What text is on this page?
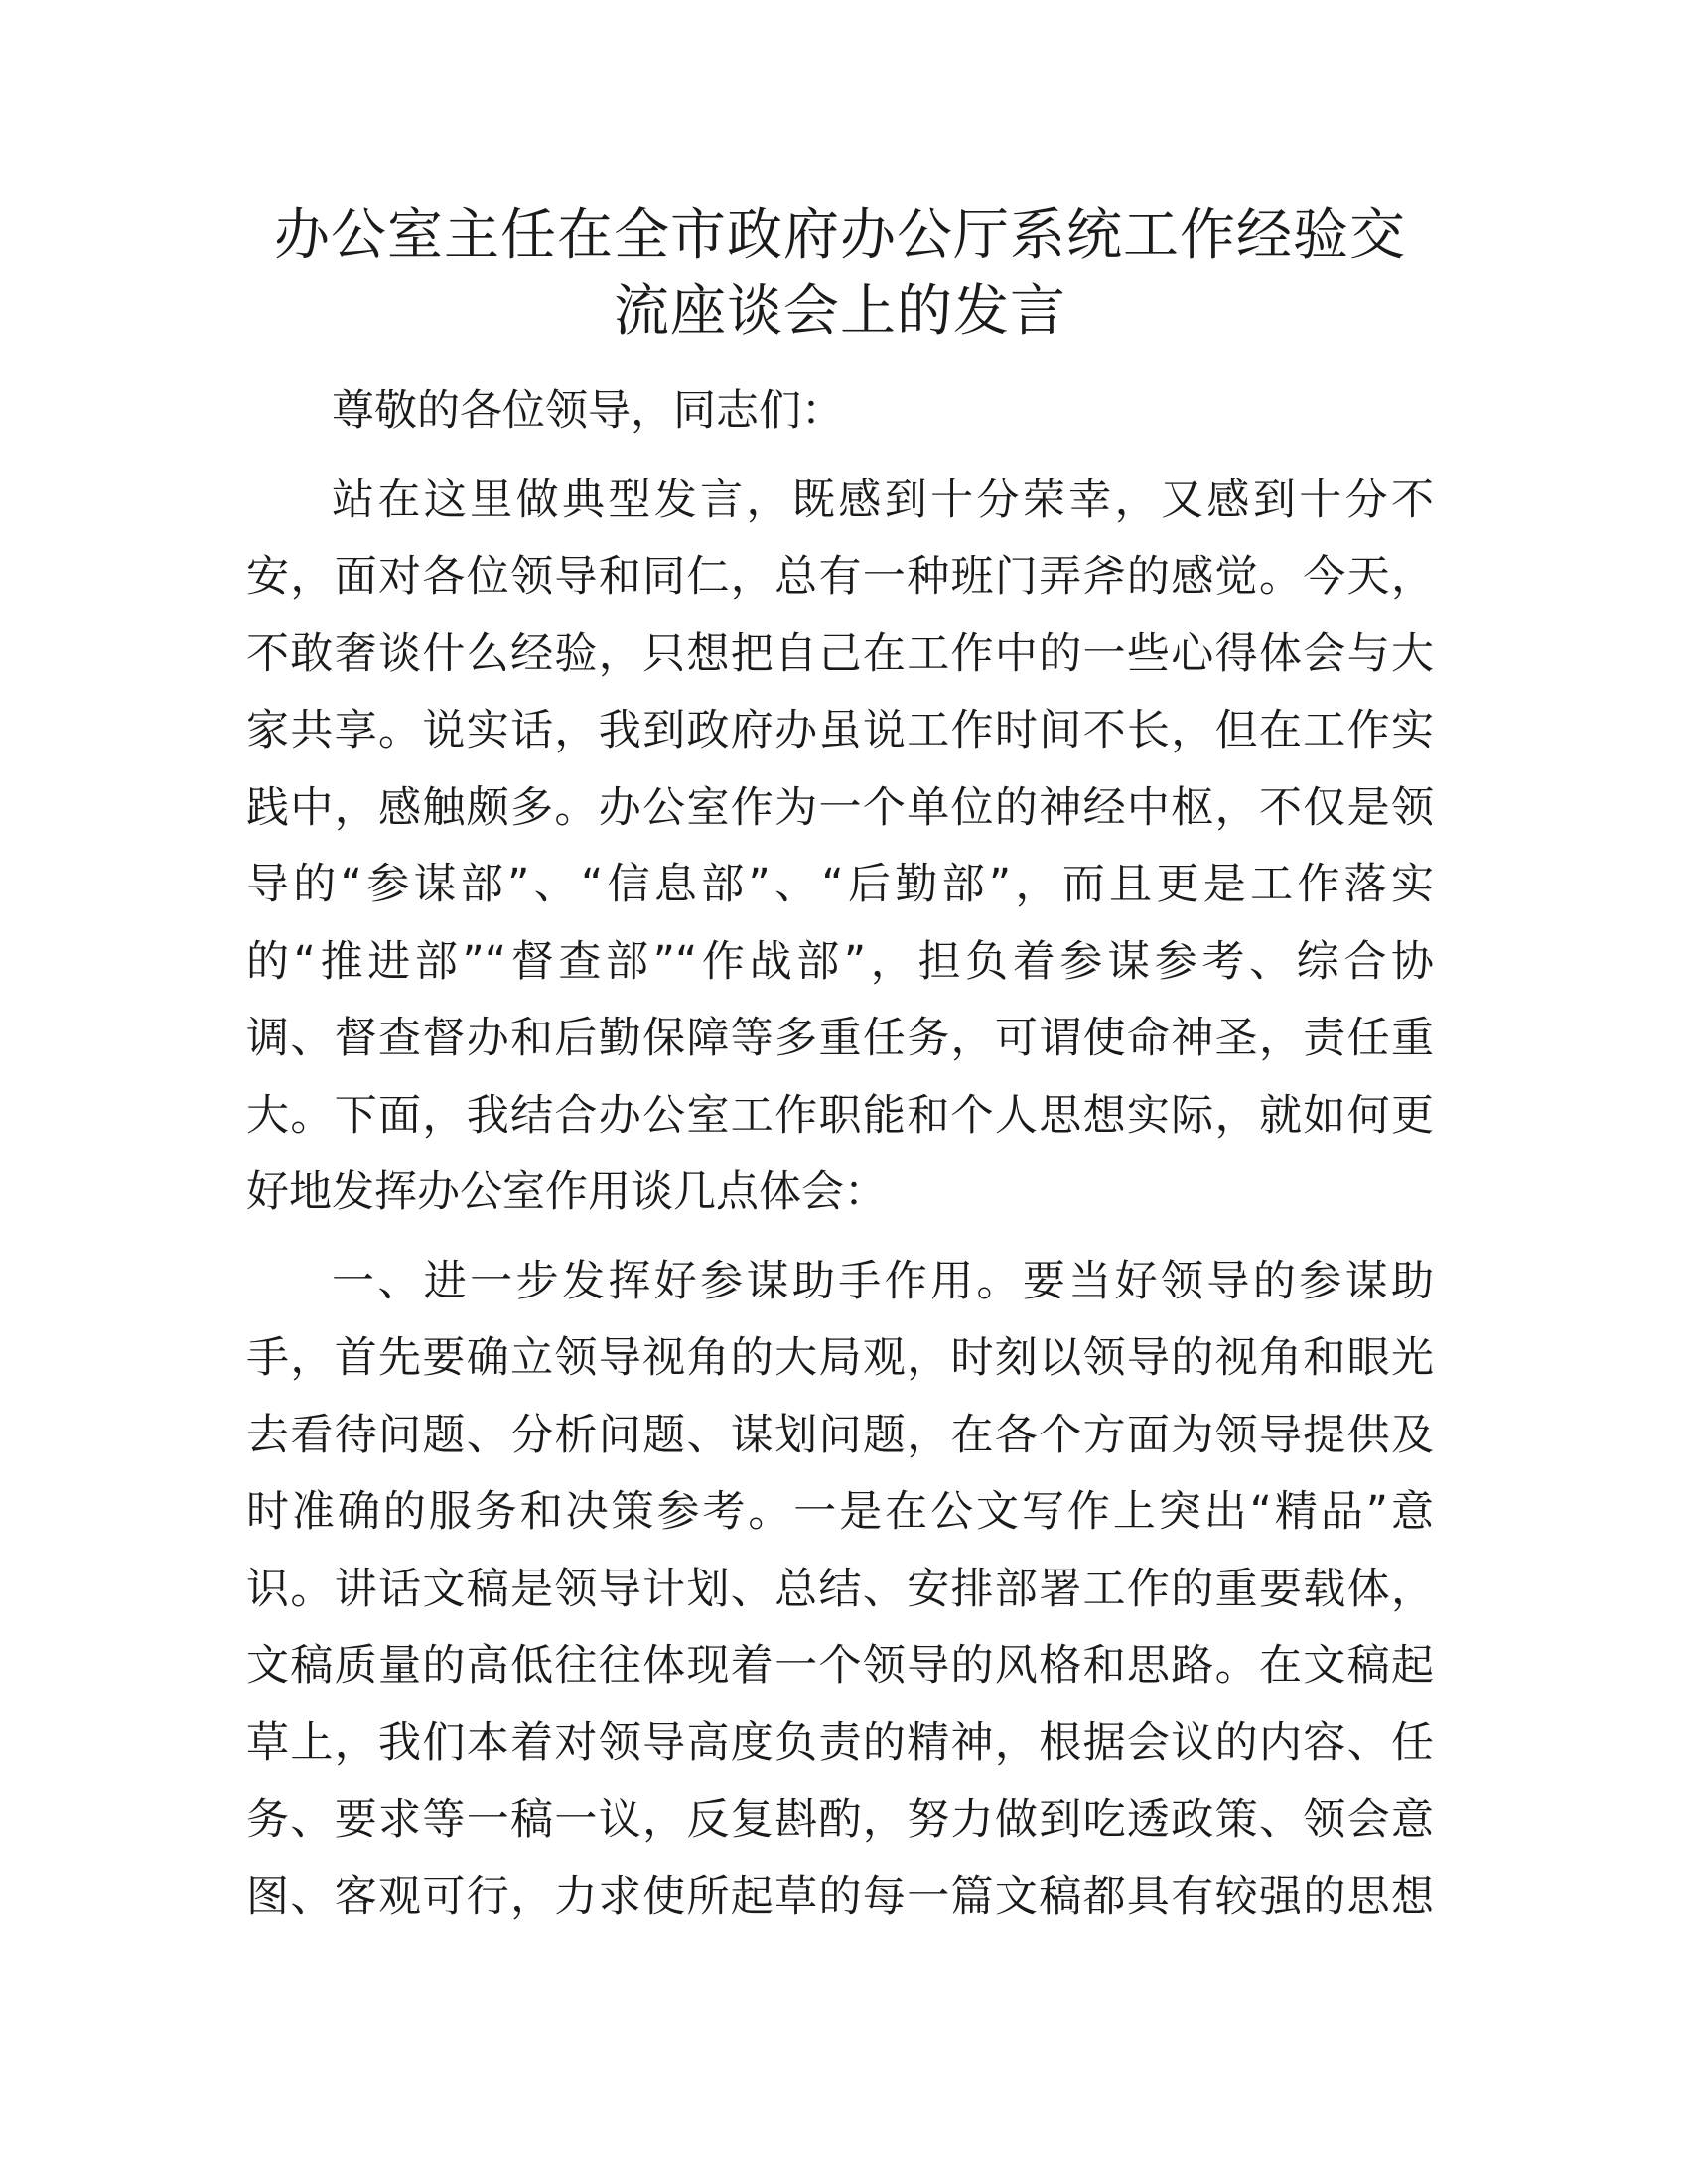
办公室主任在全市政府办公厅系统工作经验交
流座谈会上的发言
尊敬的各位领导，同志们：
站在这里做典型发言，既感到十分荣幸，又感到十分不
安，面对各位领导和同仁，总有一种班门弄斧的感觉。今天，
不敢奢谈什么经验，只想把自己在工作中的一些心得体会与大
家共享。说实话，我到政府办虽说工作时间不长，但在工作实
践中，感触颇多。办公室作为一个单位的神经中枢，不仅是领
导的“参谋部”、“信息部”、“后勤部”，而且更是工作落实
的“推进部”“督查部”“作战部”，担负着参谋参考、综合协
调、督查督办和后勤保障等多重任务，可谓使命神圣，责任重
大。下面，我结合办公室工作职能和个人思想实际，就如何更
好地发挥办公室作用谈几点体会：
一、进一步发挥好参谋助手作用。要当好领导的参谋助
手，首先要确立领导视角的大局观，时刻以领导的视角和眼光
去看待问题、分析问题、谋划问题，在各个方面为领导提供及
时准确的服务和决策参考。一是在公文写作上突出“精品”意
识。讲话文稿是领导计划、总结、安排部署工作的重要载体，
文稿质量的高低往往体现着一个领导的风格和思路。在文稿起
草上，我们本着对领导高度负责的精神，根据会议的内容、任
务、要求等一稿一议，反复斟酌，努力做到吃透政策、领会意
图、客观可行，力求使所起草的每一篇文稿都具有较强的思想
